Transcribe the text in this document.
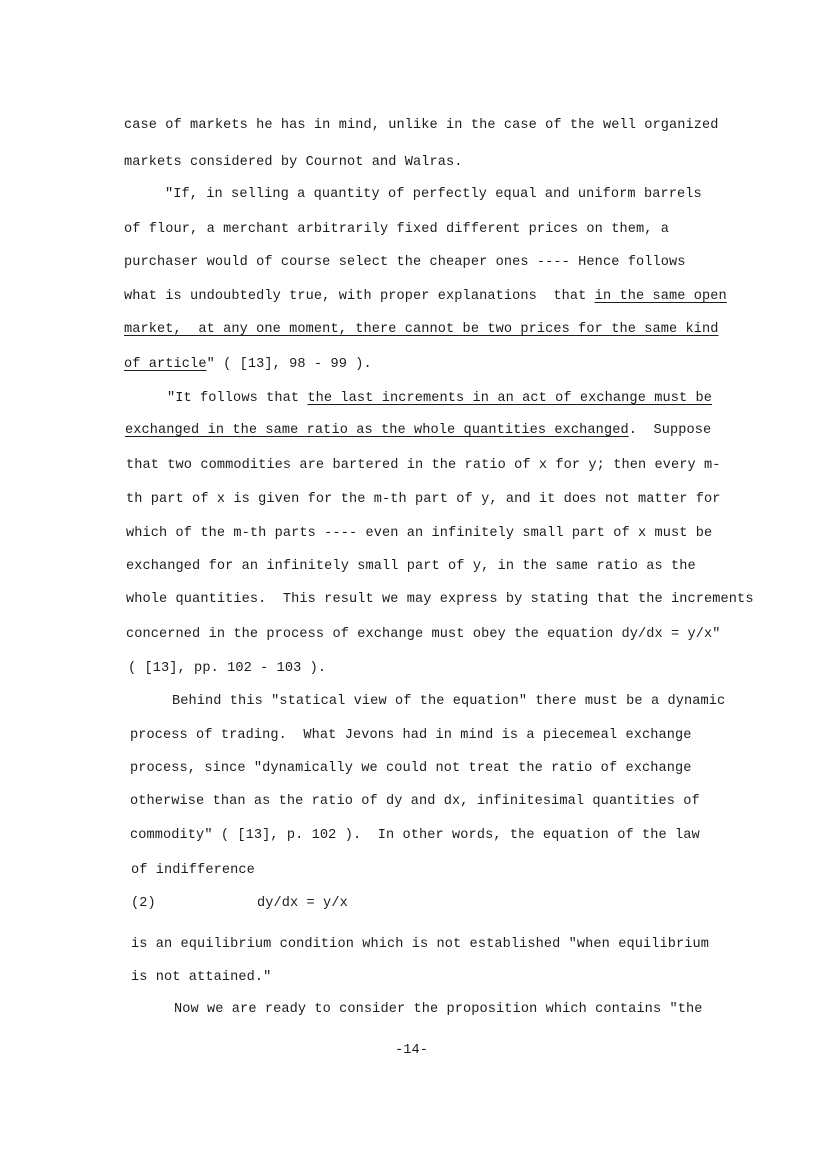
case of markets he has in mind, unlike in the case of the well organized
markets considered by Cournot and Walras.
"If, in selling a quantity of perfectly equal and uniform barrels
of flour, a merchant arbitrarily fixed different prices on them, a
purchaser would of course select the cheaper ones ---- Hence follows
what is undoubtedly true, with proper explanations  that in the same open
market,  at any one moment, there cannot be two prices for the same kind
of article" ( [13], 98 - 99 ).
"It follows that the last increments in an act of exchange must be
exchanged in the same ratio as the whole quantities exchanged.  Suppose
that two commodities are bartered in the ratio of x for y; then every m-
th part of x is given for the m-th part of y, and it does not matter for
which of the m-th parts ---- even an infinitely small part of x must be
exchanged for an infinitely small part of y, in the same ratio as the
whole quantities.  This result we may express by stating that the increments
concerned in the process of exchange must obey the equation dy/dx = y/x"
( [13], pp. 102 - 103 ).
Behind this "statical view of the equation" there must be a dynamic
process of trading.  What Jevons had in mind is a piecemeal exchange
process, since "dynamically we could not treat the ratio of exchange
otherwise than as the ratio of dy and dx, infinitesimal quantities of
commodity" ( [13], p. 102 ).  In other words, the equation of the law
of indifference
(2)	dy/dx = y/x
is an equilibrium condition which is not established "when equilibrium
is not attained."
Now we are ready to consider the proposition which contains "the
-14-
